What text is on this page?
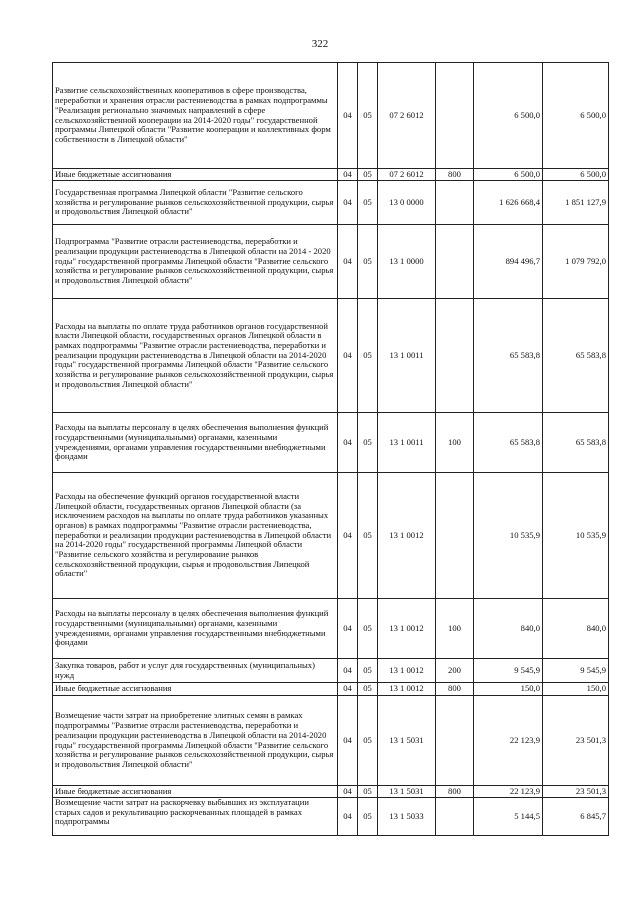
322
Развитие сельскохозяйственных кооперативов в сфере производства, переработки и хранения отрасли растениеводства в рамках подпрограммы "Реализация регионально значимых направлений в сфере сельскохозяйственной кооперации на 2014-2020 годы" государственной программы Липецкой области "Развитие кооперации и коллективных форм собственности в Липецкой области"	04	05	07 2 6012		6 500,0	6 500,0
Иные бюджетные ассигнования	04	05	07 2 6012	800	6 500,0	6 500,0
Государственная программа Липецкой области "Развитие сельского хозяйства и регулирование рынков сельскохозяйственной продукции, сырья и продовольствия Липецкой области"	04	05	13 0 0000		1 626 668,4	1 851 127,9
Подпрограмма "Развитие отрасли растениеводства, переработки и реализации продукции растениеводства в Липецкой области на 2014 - 2020 годы" государственной программы Липецкой области "Развитие сельского хозяйства и регулирование рынков сельскохозяйственной продукции, сырья и продовольствия Липецкой области"	04	05	13 1 0000		894 496,7	1 079 792,0
Расходы на выплаты по оплате труда работников органов государственной власти Липецкой области, государственных органов Липецкой области в рамках подпрограммы "Развитие отрасли растениеводства, переработки и реализации продукции растениеводства в Липецкой области на 2014-2020 годы" государственной программы Липецкой области "Развитие сельского хозяйства и регулирование рынков сельскохозяйственной продукции, сырья и продовольствия Липецкой области"	04	05	13 1 0011		65 583,8	65 583,8
Расходы на выплаты персоналу в целях обеспечения выполнения функций государственными (муниципальными) органами, казенными учреждениями, органами управления государственными внебюджетными фондами	04	05	13 1 0011	100	65 583,8	65 583,8
Расходы на обеспечение функций органов государственной власти Липецкой области, государственных органов Липецкой области (за исключением расходов на выплаты по оплате труда работников указанных органов) в рамках подпрограммы "Развитие отрасли растениеводства, переработки и реализации продукции растениеводства в Липецкой области на 2014-2020 годы" государственной программы Липецкой области "Развитие сельского хозяйства и регулирование рынков сельскохозяйственной продукции, сырья и продовольствия Липецкой области"	04	05	13 1 0012		10 535,9	10 535,9
Расходы на выплаты персоналу в целях обеспечения выполнения функций государственными (муниципальными) органами, казенными учреждениями, органами управления государственными внебюджетными фондами	04	05	13 1 0012	100	840,0	840,0
Закупка товаров, работ и услуг для государственных (муниципальных) нужд	04	05	13 1 0012	200	9 545,9	9 545,9
Иные бюджетные ассигнования	04	05	13 1 0012	800	150,0	150,0
Возмещение части затрат на приобретение элитных семян в рамках подпрограммы "Развитие отрасли растениеводства, переработки и реализации продукции растениеводства в Липецкой области на 2014-2020 годы" государственной программы Липецкой области "Развитие сельского хозяйства и регулирование рынков сельскохозяйственной продукции, сырья и продовольствия Липецкой области"	04	05	13 1 5031		22 123,9	23 501,3
Иные бюджетные ассигнования	04	05	13 1 5031	800	22 123,9	23 501,3
Возмещение части затрат на раскорчевку выбывших из эксплуатации старых садов и рекультивацию раскорчеванных площадей в рамках подпрограммы	04	05	13 1 5033		5 144,5	6 845,7
